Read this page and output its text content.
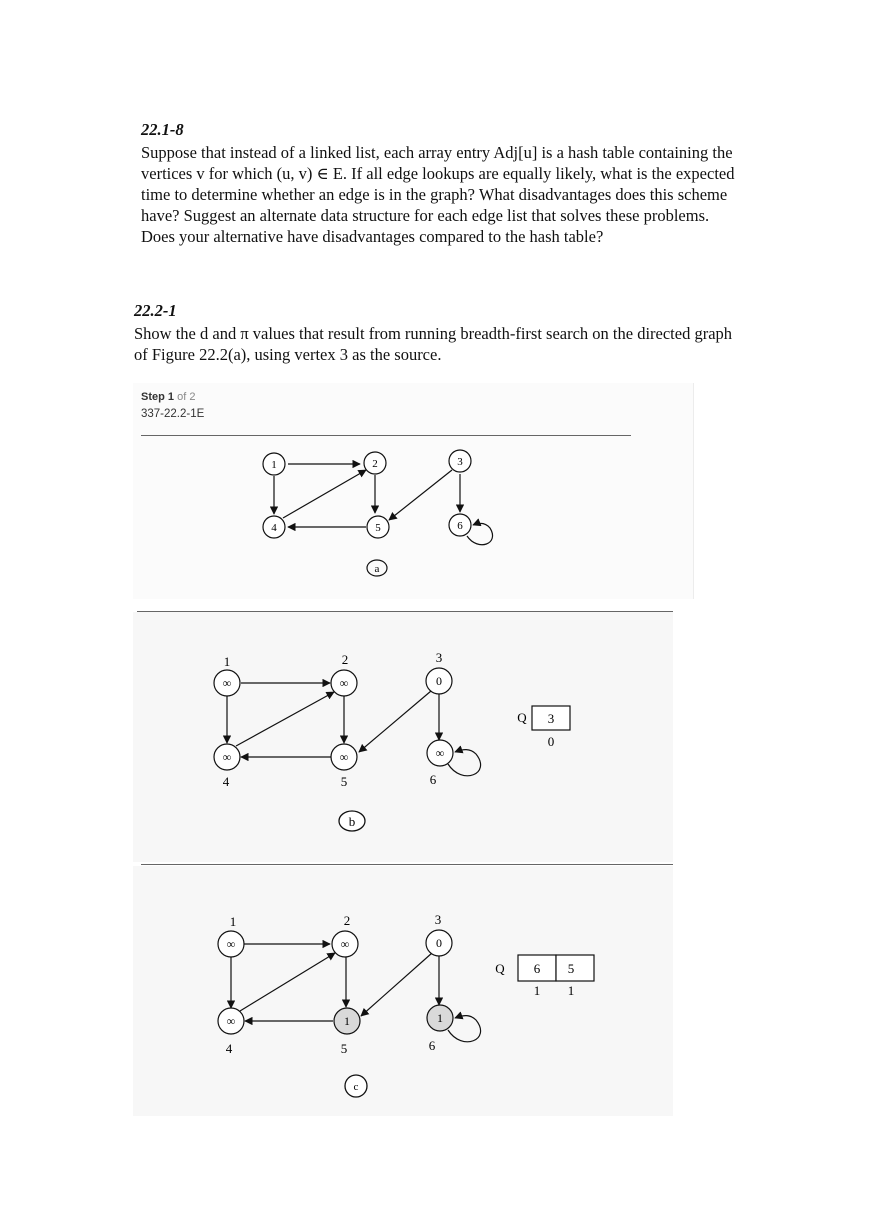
22.1-8

Suppose that instead of a linked list, each array entry Adj[u] is a hash table containing the vertices v for which (u, v) ∈ E. If all edge lookups are equally likely, what is the expected time to determine whether an edge is in the graph? What disadvantages does this scheme have? Suggest an alternate data structure for each edge list that solves these problems. Does your alternative have disadvantages compared to the hash table?

22.2-1

Show the d and π values that result from running breadth-first search on the directed graph of Figure 22.2(a), using vertex 3 as the source.

Step 1 of 2
337-22.2-1E
1	2	3
4	5	6
a
1	2	3
4	5	6
∞	∞	0
∞	∞	∞
Q 3
0
b
1	2	3
4	5	6
∞	∞	0
∞	1	1
Q 6 5
1 1
c
